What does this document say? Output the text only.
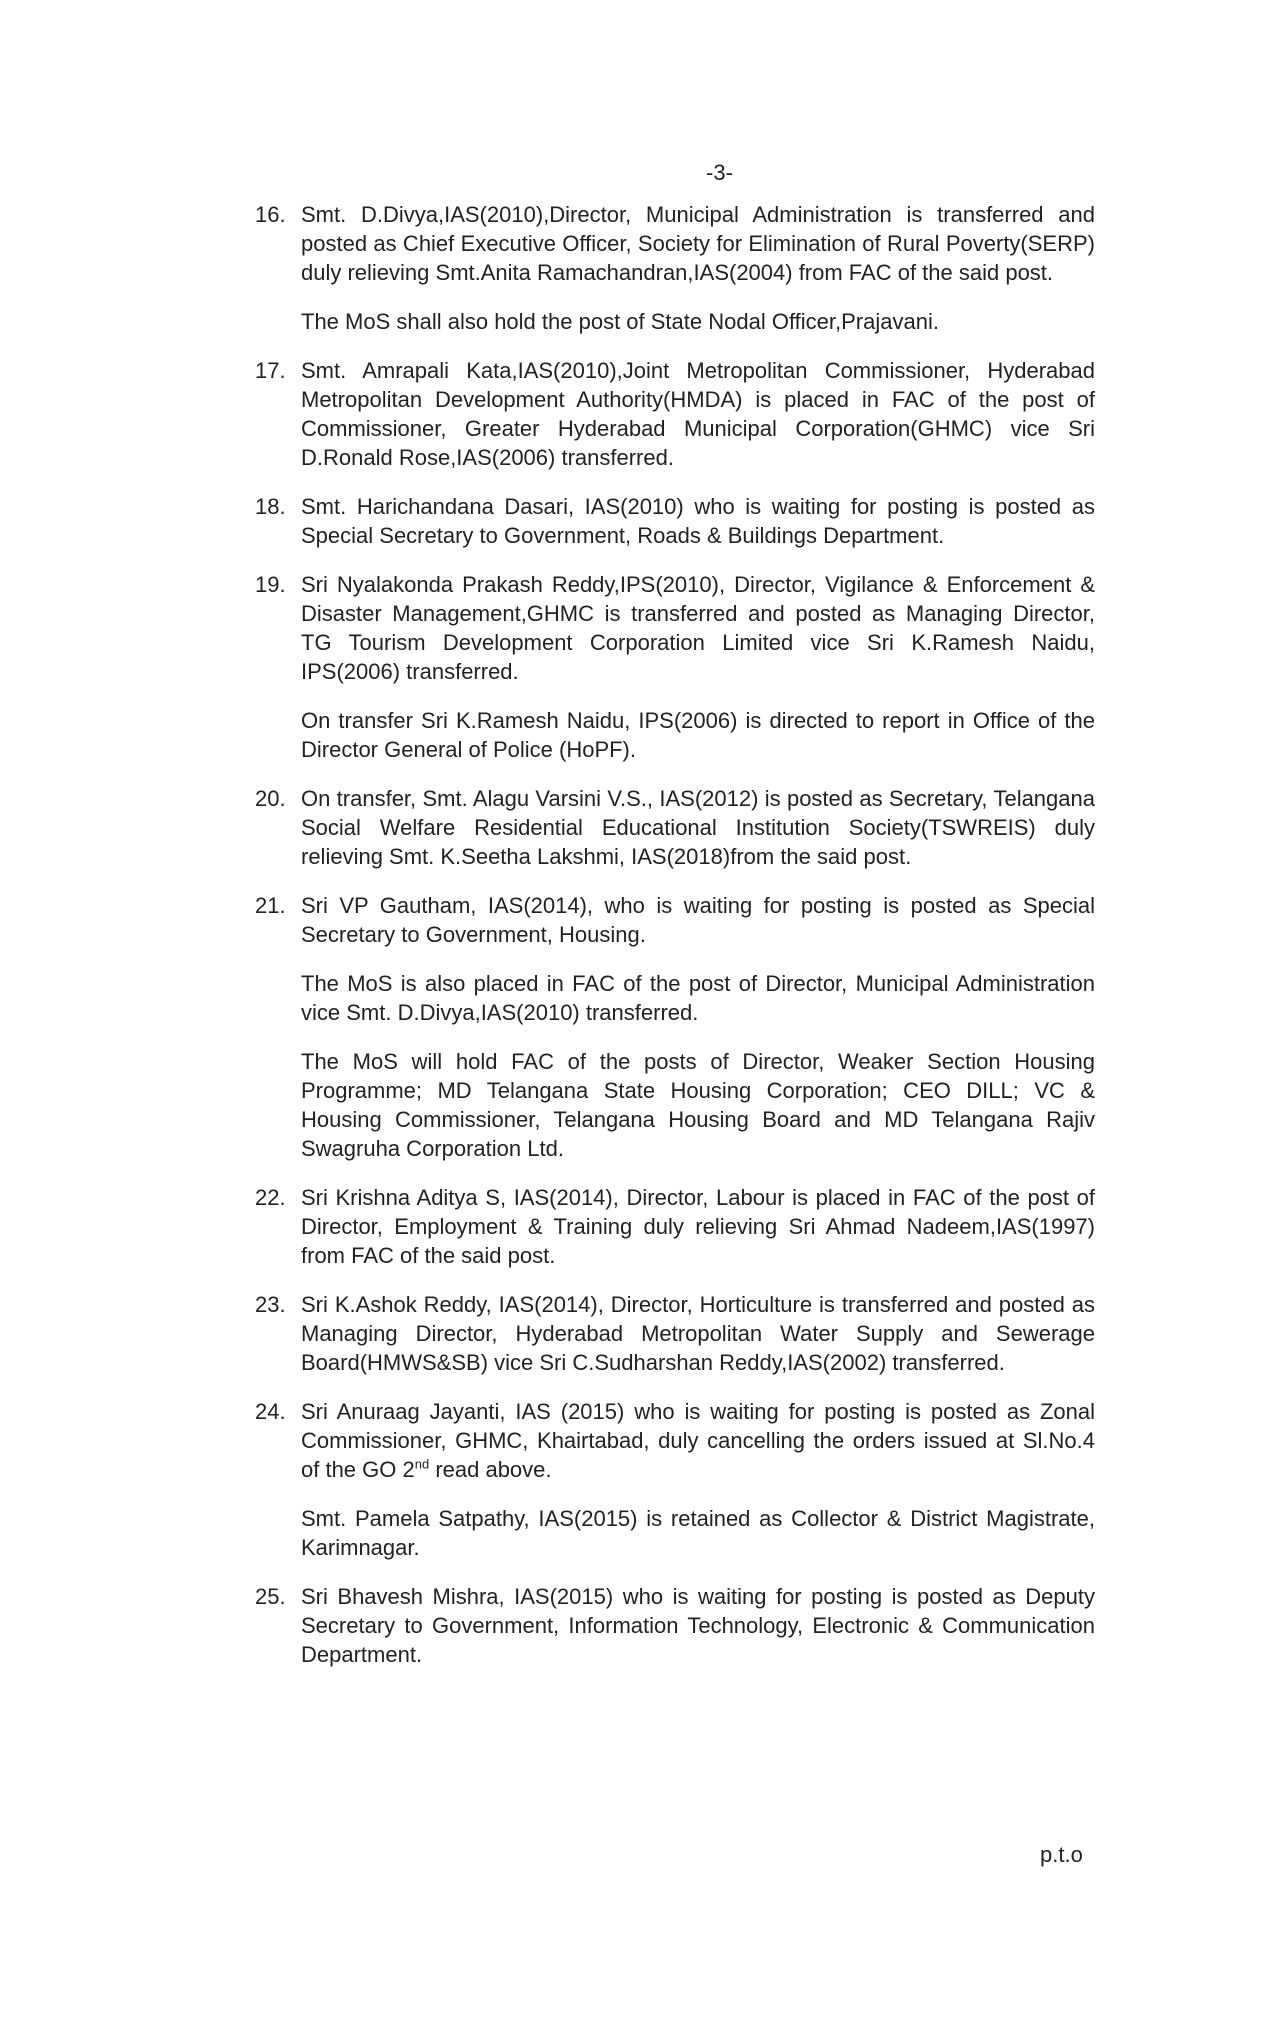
-3-
16. Smt. D.Divya,IAS(2010),Director, Municipal Administration is transferred and posted as Chief Executive Officer, Society for Elimination of Rural Poverty(SERP) duly relieving Smt.Anita Ramachandran,IAS(2004) from FAC of the said post.

The MoS shall also hold the post of State Nodal Officer,Prajavani.

17. Smt. Amrapali Kata,IAS(2010),Joint Metropolitan Commissioner, Hyderabad Metropolitan Development Authority(HMDA) is placed in FAC of the post of Commissioner, Greater Hyderabad Municipal Corporation(GHMC) vice Sri D.Ronald Rose,IAS(2006) transferred.

18. Smt. Harichandana Dasari, IAS(2010) who is waiting for posting is posted as Special Secretary to Government, Roads & Buildings Department.

19. Sri Nyalakonda Prakash Reddy,IPS(2010), Director, Vigilance & Enforcement & Disaster Management,GHMC is transferred and posted as Managing Director, TG Tourism Development Corporation Limited vice Sri K.Ramesh Naidu, IPS(2006) transferred.

On transfer Sri K.Ramesh Naidu, IPS(2006) is directed to report in Office of the Director General of Police (HoPF).

20. On transfer, Smt. Alagu Varsini V.S., IAS(2012) is posted as Secretary, Telangana Social Welfare Residential Educational Institution Society(TSWREIS) duly relieving Smt. K.Seetha Lakshmi, IAS(2018)from the said post.

21. Sri VP Gautham, IAS(2014), who is waiting for posting is posted as Special Secretary to Government, Housing.

The MoS is also placed in FAC of the post of Director, Municipal Administration vice Smt. D.Divya,IAS(2010) transferred.

The MoS will hold FAC of the posts of Director, Weaker Section Housing Programme; MD Telangana State Housing Corporation; CEO DILL; VC & Housing Commissioner, Telangana Housing Board and MD Telangana Rajiv Swagruha Corporation Ltd.

22. Sri Krishna Aditya S, IAS(2014), Director, Labour is placed in FAC of the post of Director, Employment & Training duly relieving Sri Ahmad Nadeem,IAS(1997) from FAC of the said post.

23. Sri K.Ashok Reddy, IAS(2014), Director, Horticulture is transferred and posted as Managing Director, Hyderabad Metropolitan Water Supply and Sewerage Board(HMWS&SB) vice Sri C.Sudharshan Reddy,IAS(2002) transferred.

24. Sri Anuraag Jayanti, IAS (2015) who is waiting for posting is posted as Zonal Commissioner, GHMC, Khairtabad, duly cancelling the orders issued at Sl.No.4 of the GO 2nd read above.

Smt. Pamela Satpathy, IAS(2015) is retained as Collector & District Magistrate, Karimnagar.

25. Sri Bhavesh Mishra, IAS(2015) who is waiting for posting is posted as Deputy Secretary to Government, Information Technology, Electronic & Communication Department.

p.t.o
